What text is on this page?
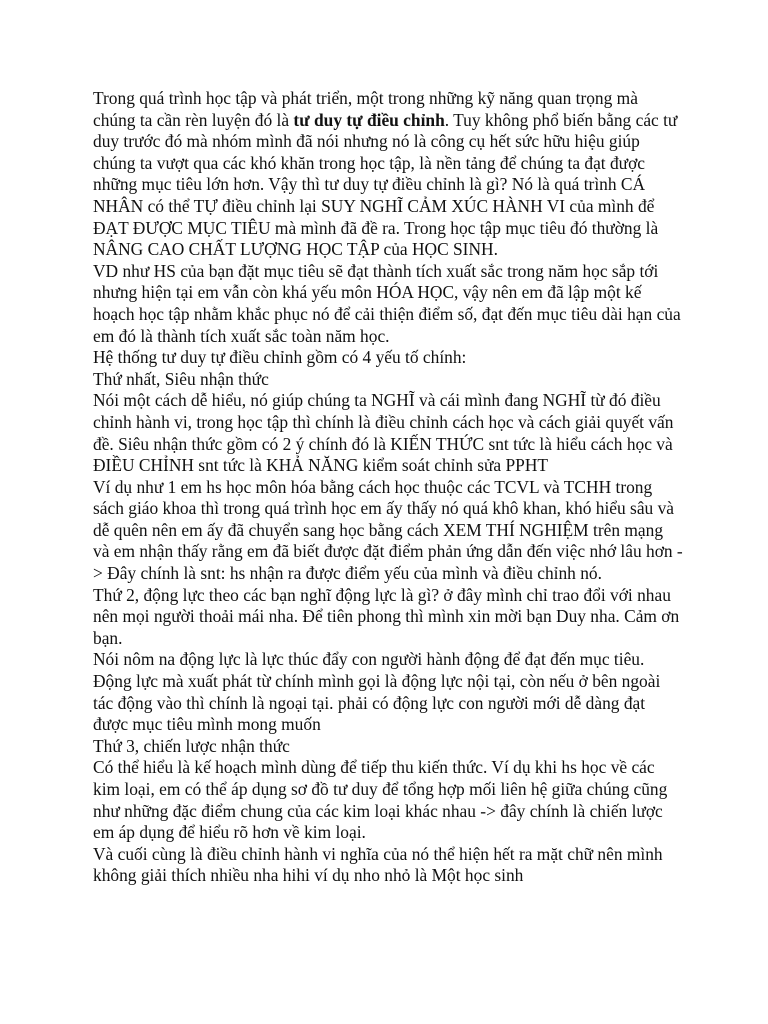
Trong quá trình học tập và phát triển, một trong những kỹ năng quan trọng mà chúng ta cần rèn luyện đó là tư duy tự điều chỉnh. Tuy không phổ biến bằng các tư duy trước đó mà nhóm mình đã nói nhưng nó là công cụ hết sức hữu hiệu giúp chúng ta vượt qua các khó khăn trong học tập, là nền tảng để chúng ta đạt được những mục tiêu lớn hơn. Vậy thì tư duy tự điều chỉnh là gì? Nó là quá trình CÁ NHÂN có thể TỰ điều chỉnh lại SUY NGHĨ CẢM XÚC HÀNH VI của mình để ĐẠT ĐƯỢC MỤC TIÊU mà mình đã đề ra. Trong học tập mục tiêu đó thường là NÂNG CAO CHẤT LƯỢNG HỌC TẬP của HỌC SINH.

VD như HS của bạn đặt mục tiêu sẽ đạt thành tích xuất sắc trong năm học sắp tới nhưng hiện tại em vẫn còn khá yếu môn HÓA HỌC, vậy nên em đã lập một kế hoạch học tập nhằm khắc phục nó để cải thiện điểm số, đạt đến mục tiêu dài hạn của em đó là thành tích xuất sắc toàn năm học.

Hệ thống tư duy tự điều chỉnh gồm có 4 yếu tố chính:

Thứ nhất, Siêu nhận thức

Nói một cách dễ hiểu, nó giúp chúng ta NGHĨ và cái mình đang NGHĨ từ đó điều chỉnh hành vi, trong học tập thì chính là điều chỉnh cách học và cách giải quyết vấn đề. Siêu nhận thức gồm có 2 ý chính đó là KIẾN THỨC snt tức là hiểu cách học và ĐIỀU CHỈNH snt tức là KHẢ NĂNG kiểm soát chỉnh sửa PPHT

Ví dụ như 1 em hs học môn hóa bằng cách học thuộc các TCVL và TCHH trong sách giáo khoa thì trong quá trình học em ấy thấy nó quá khô khan, khó hiểu sâu và dễ quên nên em ấy đã chuyển sang học bằng cách XEM THÍ NGHIỆM trên mạng và em nhận thấy rằng em đã biết được đặt điểm phản ứng dẫn đến việc nhớ lâu hơn -> Đây chính là snt: hs nhận ra được điểm yếu của mình và điều chỉnh nó.

Thứ 2, động lực theo các bạn nghĩ động lực là gì? ở đây mình chỉ trao đổi với nhau nên mọi người thoải mái nha. Để tiên phong thì mình xin mời bạn Duy nha. Cảm ơn bạn.

Nói nôm na động lực là lực thúc đẩy con người hành động để đạt đến mục tiêu. Động lực mà xuất phát từ chính mình gọi là động lực nội tại, còn nếu ở bên ngoài tác động vào thì chính là ngoại tại. phải có động lực con người mới dễ dàng đạt được mục tiêu mình mong muốn

Thứ 3, chiến lược nhận thức

Có thể hiểu là kế hoạch mình dùng để tiếp thu kiến thức. Ví dụ khi hs học về các kim loại, em có thể áp dụng sơ đồ tư duy để tổng hợp mối liên hệ giữa chúng cũng như những đặc điểm chung của các kim loại khác nhau -> đây chính là chiến lược em áp dụng để hiểu rõ hơn về kim loại.

Và cuối cùng là điều chỉnh hành vi nghĩa của nó thể hiện hết ra mặt chữ nên mình không giải thích nhiều nha hihi ví dụ nho nhỏ là Một học sinh
